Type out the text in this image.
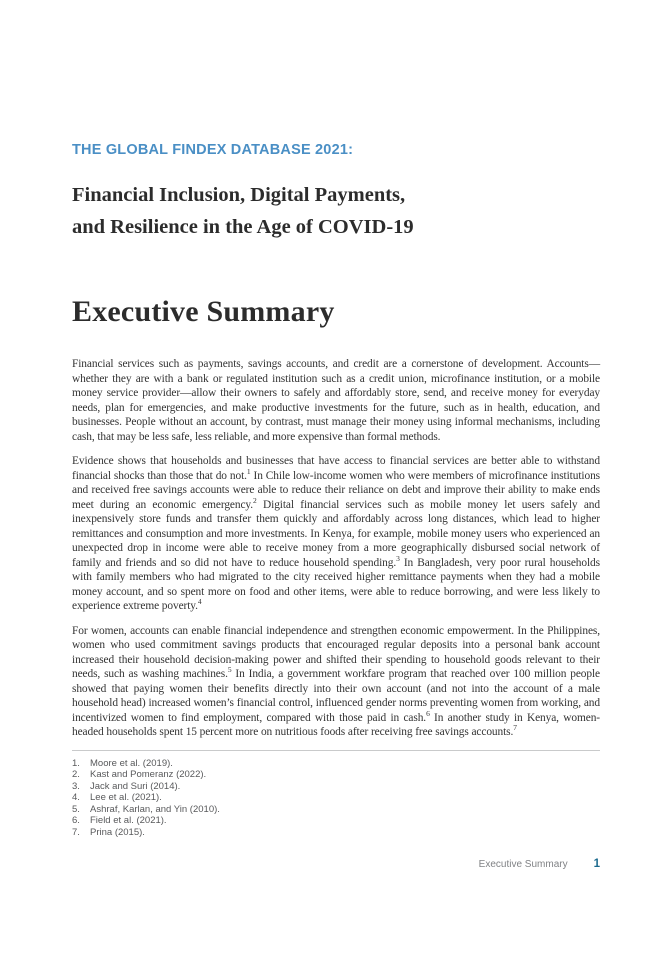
THE GLOBAL FINDEX DATABASE 2021:
Financial Inclusion, Digital Payments,
and Resilience in the Age of COVID-19
Executive Summary

Financial services such as payments, savings accounts, and credit are a cornerstone of development. Accounts—whether they are with a bank or regulated institution such as a credit union, microfinance institution, or a mobile money service provider—allow their owners to safely and affordably store, send, and receive money for everyday needs, plan for emergencies, and make productive investments for the future, such as in health, education, and businesses. People without an account, by contrast, must manage their money using informal mechanisms, including cash, that may be less safe, less reliable, and more expensive than formal methods.

Evidence shows that households and businesses that have access to financial services are better able to withstand financial shocks than those that do not.$^1$ In Chile low-income women who were members of microfinance institutions and received free savings accounts were able to reduce their reliance on debt and improve their ability to make ends meet during an economic emergency.$^2$ Digital financial services such as mobile money let users safely and inexpensively store funds and transfer them quickly and affordably across long distances, which lead to higher remittances and consumption and more investments. In Kenya, for example, mobile money users who experienced an unexpected drop in income were able to receive money from a more geographically disbursed social network of family and friends and so did not have to reduce household spending.$^3$ In Bangladesh, very poor rural households with family members who had migrated to the city received higher remittance payments when they had a mobile money account, and so spent more on food and other items, were able to reduce borrowing, and were less likely to experience extreme poverty.$^4$

For women, accounts can enable financial independence and strengthen economic empowerment. In the Philippines, women who used commitment savings products that encouraged regular deposits into a personal bank account increased their household decision-making power and shifted their spending to household goods relevant to their needs, such as washing machines.$^5$ In India, a government workfare program that reached over 100 million people showed that paying women their benefits directly into their own account (and not into the account of a male household head) increased women’s financial control, influenced gender norms preventing women from working, and incentivized women to find employment, compared with those paid in cash.$^6$ In another study in Kenya, women-headed households spent 15 percent more on nutritious foods after receiving free savings accounts.$^7$

1.	Moore et al. (2019).
2.	Kast and Pomeranz (2022).
3.	Jack and Suri (2014).
4.	Lee et al. (2021).
5.	Ashraf, Karlan, and Yin (2010).
6.	Field et al. (2021).
7.	Prina (2015).
Executive Summary 1
